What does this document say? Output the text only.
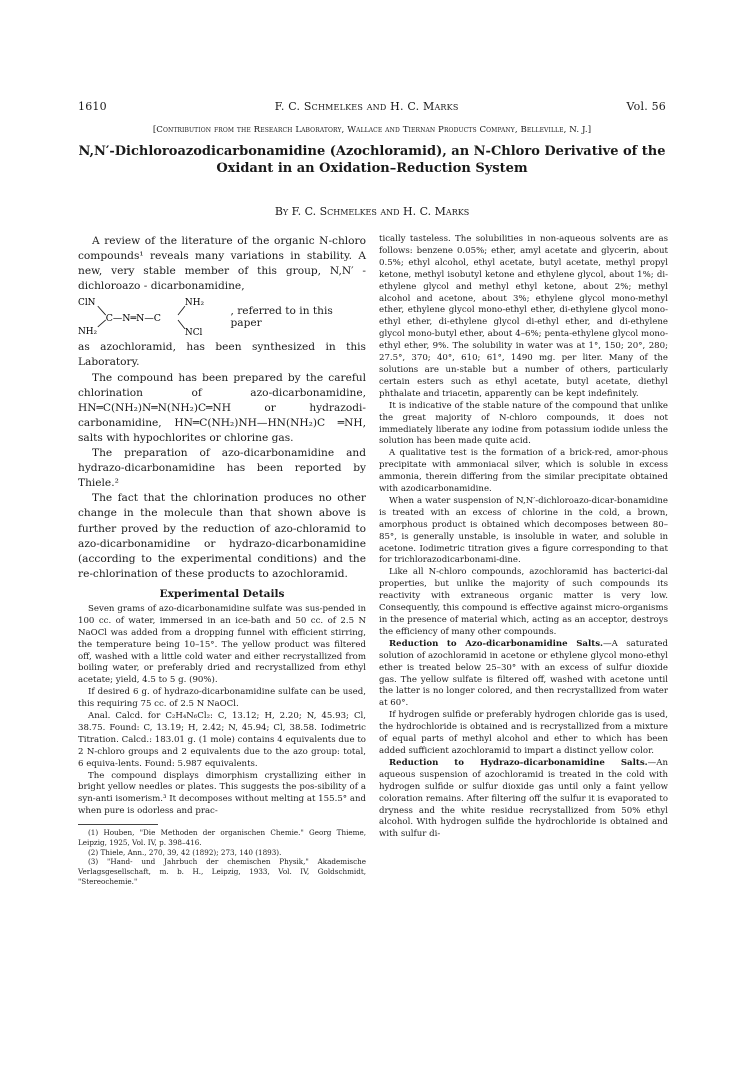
1610	F. C. Schmelkes and H. C. Marks	Vol. 56
[Contribution from the Research Laboratory, Wallace and Tiernan Products Company, Belleville, N. J.]
N,N′-Dichloroazodicarbonamidine (Azochloramid), an N-Chloro Derivative of the
Oxidant in an Oxidation–Reduction System
By F. C. Schmelkes and H. C. Marks

A review of the literature of the organic N-chloro compounds¹ reveals many variations in stability. A new, very stable member of this group, N,N′ - dichloroazo - dicarbonamidine,

ClN
NH₂
C—N═N—C
NH₂
NCl
, referred to in this paper

as azochloramid, has been synthesized in this Laboratory.

The compound has been prepared by the careful chlorination of azo-dicarbonamidine, HN═C(NH₂)N═N(NH₂)C═NH or hydrazodi-carbonamidine, HN═C(NH₂)NH—HN(NH₂)C ═NH, salts with hypochlorites or chlorine gas.

The preparation of azo-dicarbonamidine and hydrazo-dicarbonamidine has been reported by Thiele.²

The fact that the chlorination produces no other change in the molecule than that shown above is further proved by the reduction of azo-chloramid to azo-dicarbonamidine or hydrazo-dicarbonamidine (according to the experimental conditions) and the re-chlorination of these products to azochloramid.

Experimental Details

Seven grams of azo-dicarbonamidine sulfate was sus-pended in 100 cc. of water, immersed in an ice-bath and 50 cc. of 2.5 N NaOCl was added from a dropping funnel with efficient stirring, the temperature being 10–15°. The yellow product was filtered off, washed with a little cold water and either recrystallized from boiling water, or preferably dried and recrystallized from ethyl acetate; yield, 4.5 to 5 g. (90%).

If desired 6 g. of hydrazo-dicarbonamidine sulfate can be used, this requiring 75 cc. of 2.5 N NaOCl.

Anal. Calcd. for C₂H₄N₆Cl₂: C, 13.12; H, 2.20; N, 45.93; Cl, 38.75. Found: C, 13.19; H, 2.42; N, 45.94; Cl, 38.58. Iodimetric Titration. Calcd.: 183.01 g. (1 mole) contains 4 equivalents due to 2 N-chloro groups and 2 equivalents due to the azo group: total, 6 equiva-lents. Found: 5.987 equivalents.

The compound displays dimorphism crystallizing either in bright yellow needles or plates. This suggests the pos-sibility of a syn-anti isomerism.³ It decomposes without melting at 155.5° and when pure is odorless and prac-

(1) Houben, "Die Methoden der organischen Chemie." Georg Thieme, Leipzig, 1925, Vol. IV, p. 398–416.

(2) Thiele, Ann., 270, 39, 42 (1892); 273, 140 (1893).

(3) "Hand- und Jahrbuch der chemischen Physik," Akademische Verlagsgesellschaft, m. b. H., Leipzig, 1933, Vol. IV, Goldschmidt, "Stereochemie."

tically tasteless. The solubilities in non-aqueous solvents are as follows: benzene 0.05%; ether, amyl acetate and glycerin, about 0.5%; ethyl alcohol, ethyl acetate, butyl acetate, methyl propyl ketone, methyl isobutyl ketone and ethylene glycol, about 1%; di-ethylene glycol and methyl ethyl ketone, about 2%; methyl alcohol and acetone, about 3%; ethylene glycol mono-methyl ether, ethylene glycol mono-ethyl ether, di-ethylene glycol mono-ethyl ether, di-ethylene glycol di-ethyl ether, and di-ethylene glycol mono-butyl ether, about 4–6%; penta-ethylene glycol mono-ethyl ether, 9%. The solubility in water was at 1°, 150; 20°, 280; 27.5°, 370; 40°, 610; 61°, 1490 mg. per liter. Many of the solutions are un-stable but a number of others, particularly certain esters such as ethyl acetate, butyl acetate, diethyl phthalate and triacetin, apparently can be kept indefinitely.

It is indicative of the stable nature of the compound that unlike the great majority of N-chloro compounds, it does not immediately liberate any iodine from potassium iodide unless the solution has been made quite acid.

A qualitative test is the formation of a brick-red, amor-phous precipitate with ammoniacal silver, which is soluble in excess ammonia, therein differing from the similar precipitate obtained with azodicarbonamidine.

When a water suspension of N,N′-dichloroazo-dicar-bonamidine is treated with an excess of chlorine in the cold, a brown, amorphous product is obtained which decomposes between 80–85°, is generally unstable, is insoluble in water, and soluble in acetone. Iodimetric titration gives a figure corresponding to that for trichlorazodicarbonami-dine.

Like all N-chloro compounds, azochloramid has bacterici-dal properties, but unlike the majority of such compounds its reactivity with extraneous organic matter is very low. Consequently, this compound is effective against micro-organisms in the presence of material which, acting as an acceptor, destroys the efficiency of many other compounds.

Reduction to Azo-dicarbonamidine Salts.—A saturated solution of azochloramid in acetone or ethylene glycol mono-ethyl ether is treated below 25–30° with an excess of sulfur dioxide gas. The yellow sulfate is filtered off, washed with acetone until the latter is no longer colored, and then recrystallized from water at 60°.

If hydrogen sulfide or preferably hydrogen chloride gas is used, the hydrochloride is obtained and is recrystallized from a mixture of equal parts of methyl alcohol and ether to which has been added sufficient azochloramid to impart a distinct yellow color.

Reduction to Hydrazo-dicarbonamidine Salts.—An aqueous suspension of azochloramid is treated in the cold with hydrogen sulfide or sulfur dioxide gas until only a faint yellow coloration remains. After filtering off the sulfur it is evaporated to dryness and the white residue recrystallized from 50% ethyl alcohol. With hydrogen sulfide the hydrochloride is obtained and with sulfur di-
